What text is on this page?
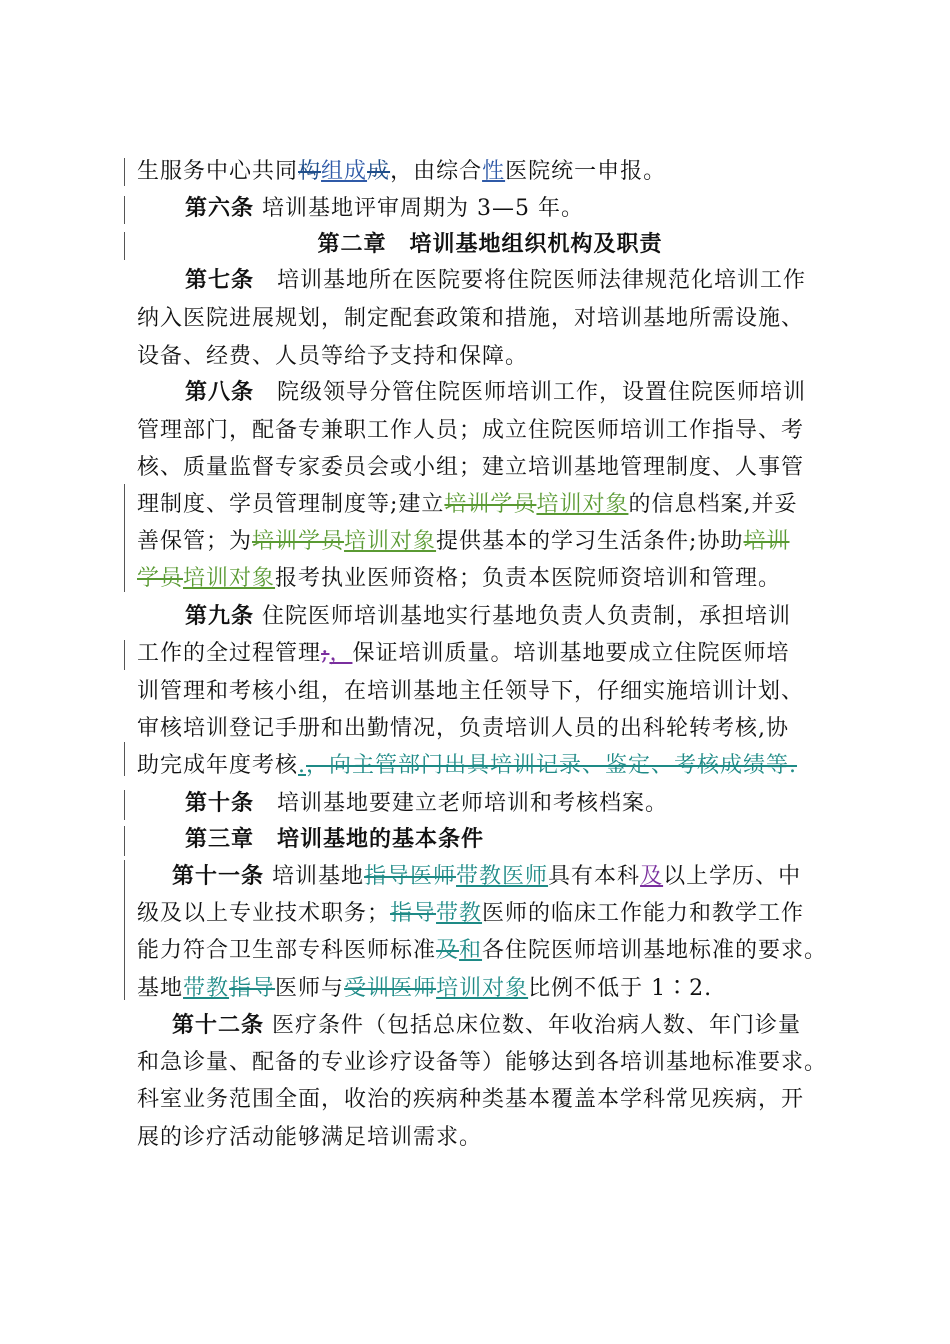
生服务中心共同构组成成，由综合性医院统一申报。
第六条 培训基地评审周期为 3—5 年。
第二章　培训基地组织机构及职责
第七条　培训基地所在医院要将住院医师法律规范化培训工作
纳入医院进展规划，制定配套政策和措施，对培训基地所需设施、
设备、经费、人员等给予支持和保障。
第八条　院级领导分管住院医师培训工作，设置住院医师培训
管理部门，配备专兼职工作人员；成立住院医师培训工作指导、考
核、质量监督专家委员会或小组；建立培训基地管理制度、人事管
理制度、学员管理制度等;建立培训学员培训对象的信息档案,并妥
善保管；为培训学员培训对象提供基本的学习生活条件;协助培训
学员培训对象报考执业医师资格；负责本医院师资培训和管理。
第九条 住院医师培训基地实行基地负责人负责制，承担培训
工作的全过程管理;，保证培训质量。培训基地要成立住院医师培
训管理和考核小组，在培训基地主任领导下，仔细实施培训计划、
审核培训登记手册和出勤情况，负责培训人员的出科轮转考核,协
助完成年度考核.，向主管部门出具培训记录、鉴定、考核成绩等.
第十条　培训基地要建立老师培训和考核档案。
第三章　培训基地的基本条件
第十一条 培训基地指导医师带教医师具有本科及以上学历、中
级及以上专业技术职务；指导带教医师的临床工作能力和教学工作
能力符合卫生部专科医师标准及和各住院医师培训基地标准的要求。
基地带教指导医师与受训医师培训对象比例不低于 1∶2.
第十二条 医疗条件（包括总床位数、年收治病人数、年门诊量
和急诊量、配备的专业诊疗设备等）能够达到各培训基地标准要求。
科室业务范围全面，收治的疾病种类基本覆盖本学科常见疾病，开
展的诊疗活动能够满足培训需求。
